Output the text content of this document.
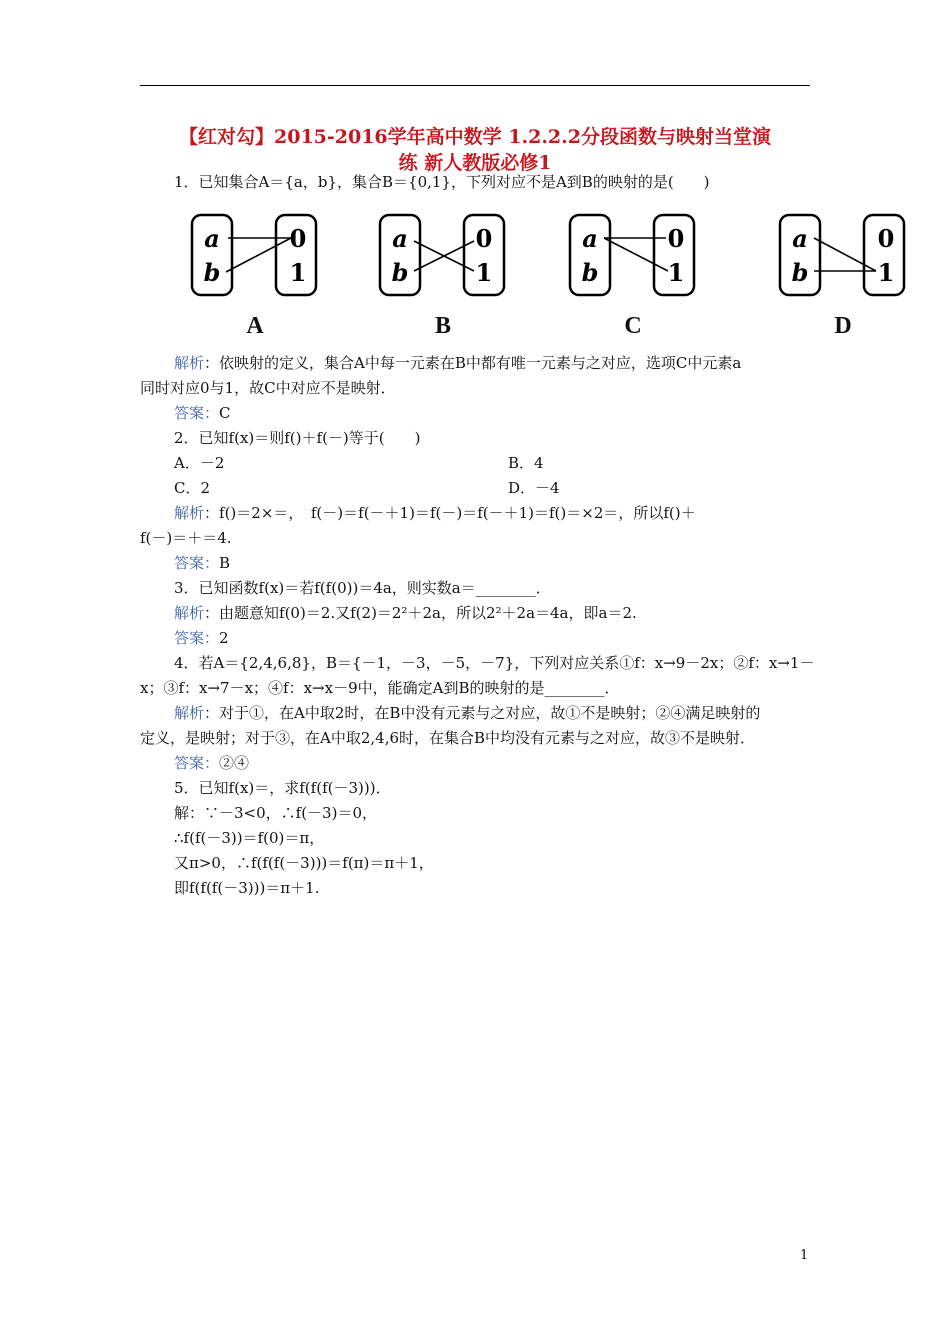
【红对勾】2015-2016学年高中数学 1.2.2.2分段函数与映射当堂演
练 新人教版必修1
1．已知集合A＝{a，b}，集合B＝{0,1}，下列对应不是A到B的映射的是(　　)
a
b
0
1
A
a
b
0
1
B
a
b
0
1
C
a
b
0
1
D
解析：依映射的定义，集合A中每一元素在B中都有唯一元素与之对应，选项C中元素a
同时对应0与1，故C中对应不是映射．
答案：C
2．已知f(x)＝则f()＋f(－)等于(　　)
A．－2	B．4
C．2	D．－4
解析：f()＝2×＝，　f(－)＝f(－＋1)＝f(－)＝f(－＋1)＝f()＝×2＝，所以f()＋
f(－)＝＋＝4.
答案：B
3．已知函数f(x)＝若f(f(0))＝4a，则实数a＝________．
解析：由题意知f(0)＝2.又f(2)＝2²＋2a，所以2²＋2a＝4a，即a＝2.
答案：2
4．若A＝{2,4,6,8}，B＝{－1，－3，－5，－7}，下列对应关系①f：x→9－2x；②f：x→1－
x；③f：x→7－x；④f：x→x－9中，能确定A到B的映射的是________．
解析：对于①，在A中取2时，在B中没有元素与之对应，故①不是映射；②④满足映射的
定义，是映射；对于③，在A中取2,4,6时，在集合B中均没有元素与之对应，故③不是映射．
答案：②④
5．已知f(x)＝，求f(f(f(－3)))．
解：∵－3<0，∴f(－3)＝0，
∴f(f(－3))＝f(0)＝π，
又π>0，∴f(f(f(－3)))＝f(π)＝π＋1，
即f(f(f(－3)))＝π＋1.
1
